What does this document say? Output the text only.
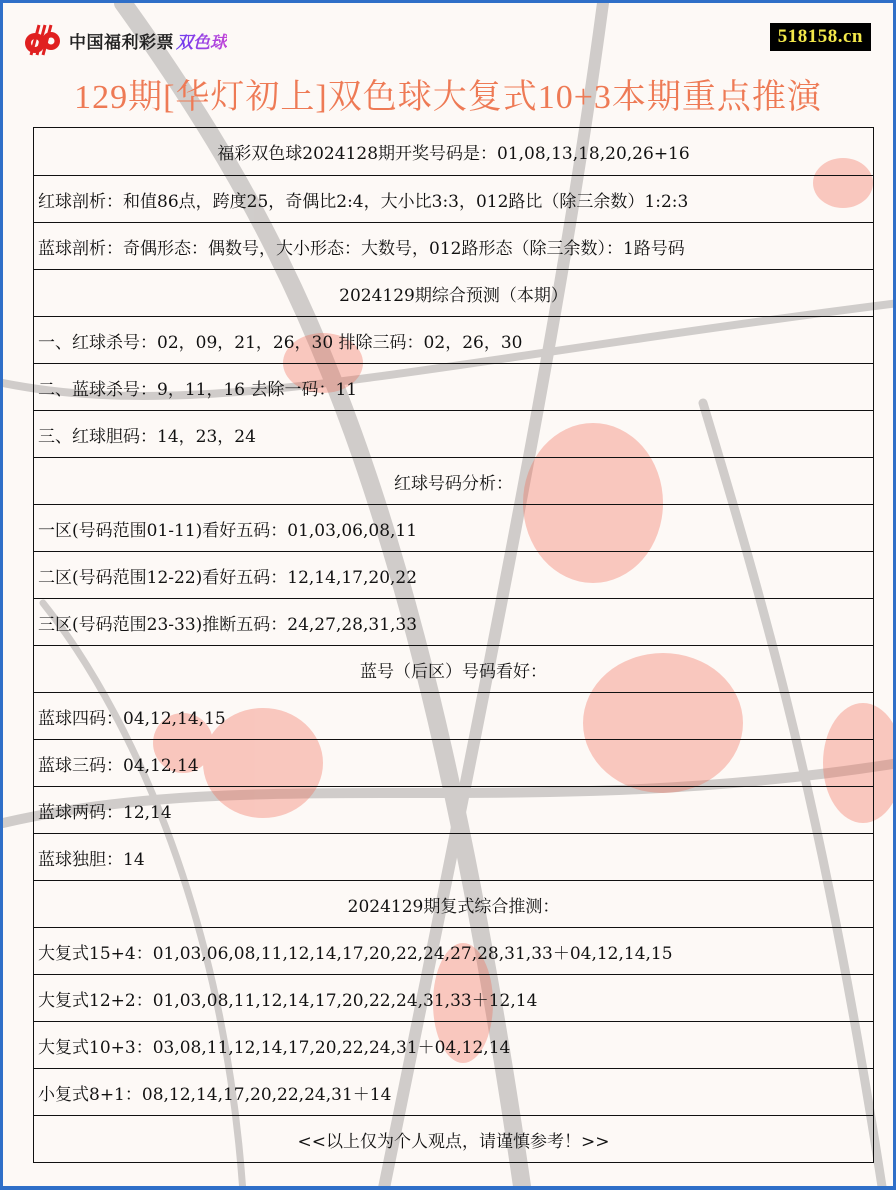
中国福利彩票 双色球	518158.cn
129期[华灯初上]双色球大复式10+3本期重点推演
福彩双色球2024128期开奖号码是：01,08,13,18,20,26+16
红球剖析：和值86点，跨度25，奇偶比2:4，大小比3:3，012路比（除三余数）1:2:3
蓝球剖析：奇偶形态：偶数号，大小形态：大数号，012路形态（除三余数）：1路号码
2024129期综合预测（本期）
一、红球杀号：02，09，21，26，30 排除三码：02，26，30
二、蓝球杀号：9，11，16 去除一码：11
三、红球胆码：14，23，24
红球号码分析：
一区(号码范围01-11)看好五码：01,03,06,08,11
二区(号码范围12-22)看好五码：12,14,17,20,22
三区(号码范围23-33)推断五码：24,27,28,31,33
蓝号（后区）号码看好：
蓝球四码：04,12,14,15
蓝球三码：04,12,14
蓝球两码：12,14
蓝球独胆：14
2024129期复式综合推测：
大复式15+4：01,03,06,08,11,12,14,17,20,22,24,27,28,31,33＋04,12,14,15
大复式12+2：01,03,08,11,12,14,17,20,22,24,31,33＋12,14
大复式10+3：03,08,11,12,14,17,20,22,24,31＋04,12,14
小复式8+1：08,12,14,17,20,22,24,31＋14
<<以上仅为个人观点，请谨慎参考！>>
